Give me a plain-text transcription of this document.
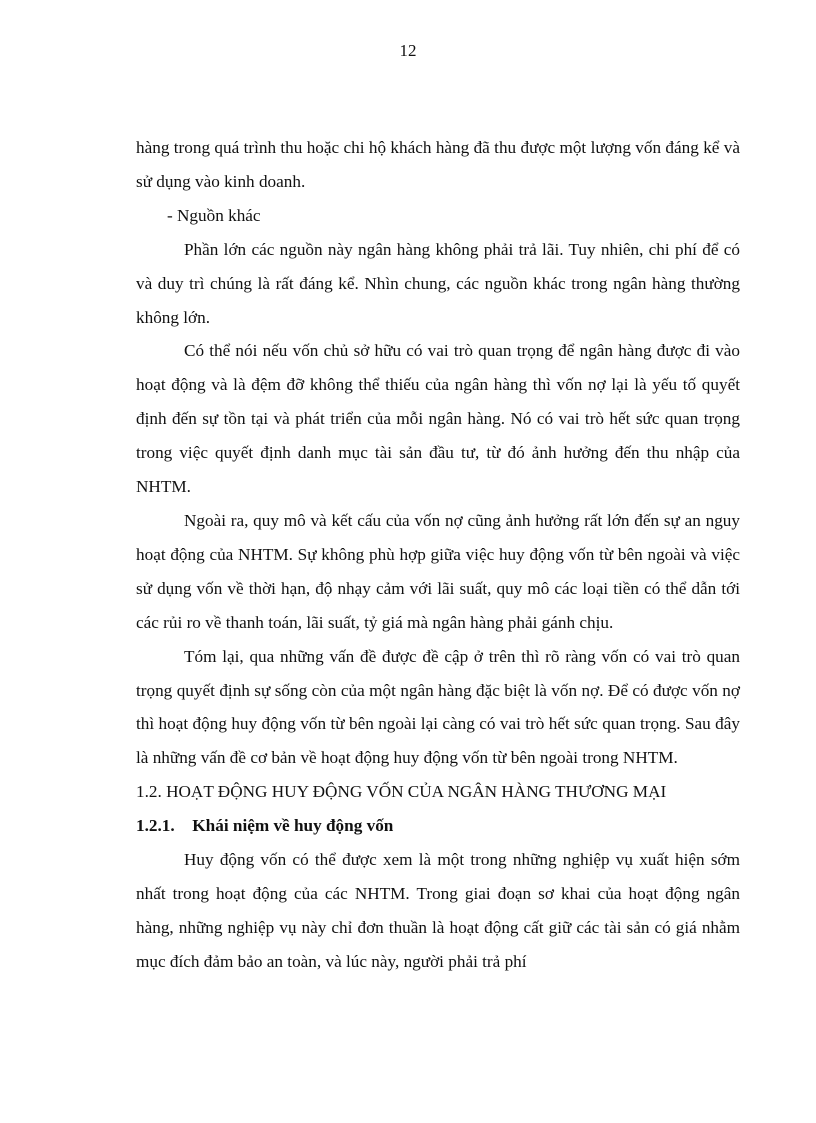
12

hàng trong quá trình thu hoặc chi hộ khách hàng đã thu được một lượng vốn đáng kể và sử dụng vào kinh doanh.

- Nguồn khác

Phần lớn các nguồn này ngân hàng không phải trả lãi. Tuy nhiên, chi phí để có và duy trì chúng là rất đáng kể. Nhìn chung, các nguồn khác trong ngân hàng thường không lớn.

Có thể nói nếu vốn chủ sở hữu có vai trò quan trọng để ngân hàng được đi vào hoạt động và là đệm đỡ không thể thiếu của ngân hàng thì vốn nợ lại là yếu tố quyết định đến sự tồn tại và phát triển của mỗi ngân hàng. Nó có vai trò hết sức quan trọng trong việc quyết định danh mục tài sản đầu tư, từ đó ảnh hưởng đến thu nhập của NHTM.

Ngoài ra, quy mô và kết cấu của vốn nợ cũng ảnh hưởng rất lớn đến sự an nguy hoạt động của NHTM. Sự không phù hợp giữa việc huy động vốn từ bên ngoài và việc sử dụng vốn về thời hạn, độ nhạy cảm với lãi suất, quy mô các loại tiền có thể dẫn tới các rủi ro về thanh toán, lãi suất, tỷ giá mà ngân hàng phải gánh chịu.

Tóm lại, qua những vấn đề được đề cập ở trên thì rõ ràng vốn có vai trò quan trọng quyết định sự sống còn của một ngân hàng đặc biệt là vốn nợ. Để có được vốn nợ thì hoạt động huy động vốn từ bên ngoài lại càng có vai trò hết sức quan trọng. Sau đây là những vấn đề cơ bản về hoạt động huy động vốn từ bên ngoài trong NHTM.

1.2. HOẠT ĐỘNG HUY ĐỘNG VỐN CỦA NGÂN HÀNG THƯƠNG MẠI
1.2.1. Khái niệm về huy động vốn

Huy động vốn có thể được xem là một trong những nghiệp vụ xuất hiện sớm nhất trong hoạt động của các NHTM. Trong giai đoạn sơ khai của hoạt động ngân hàng, những nghiệp vụ này chỉ đơn thuần là hoạt động cất giữ các tài sản có giá nhằm mục đích đảm bảo an toàn, và lúc này, người phải trả phí
